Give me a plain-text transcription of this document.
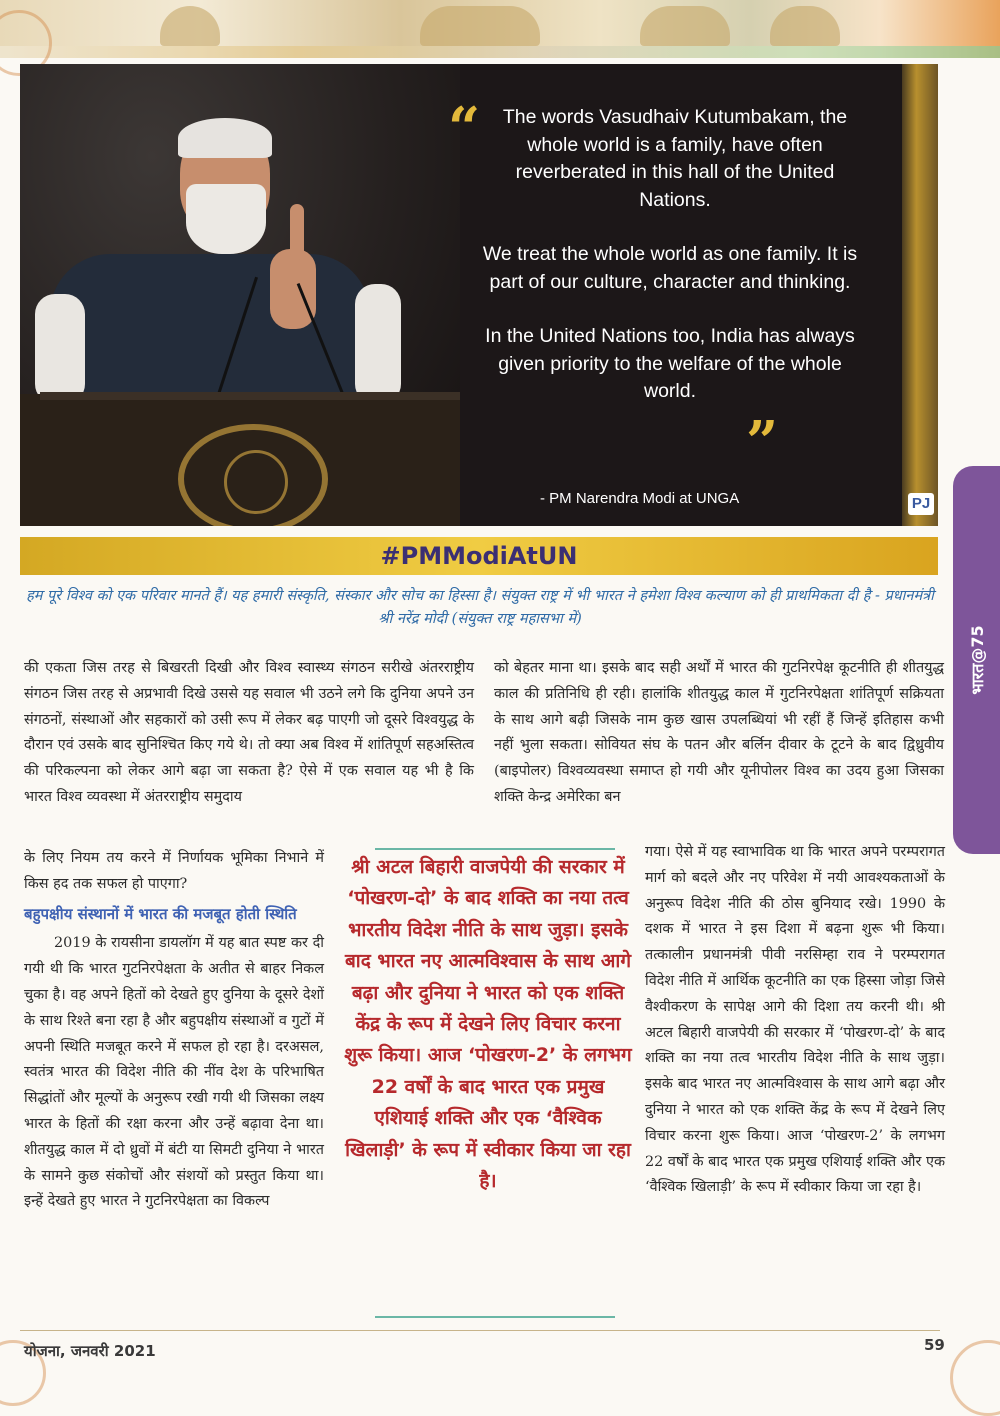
“	The words Vasudhaiv Kutumbakam, the whole world is a family, have often reverberated in this hall of the United Nations.

We treat the whole world as one family. It is part of our culture, character and thinking.

In the United Nations too, India has always given priority to the welfare of the whole world.

”
- PM Narendra Modi at UNGA	PJ
#PMModiAtUN
भारत@75
हम पूरे विश्व को एक परिवार मानते हैं। यह हमारी संस्कृति, संस्कार और सोच का हिस्सा है। संयुक्त राष्ट्र में भी भारत ने हमेशा विश्व कल्याण को ही प्राथमिकता दी है - प्रधानमंत्री श्री नरेंद्र मोदी (संयुक्त राष्ट्र महासभा में)

की एकता जिस तरह से बिखरती दिखी और विश्व स्वास्थ्य संगठन सरीखे अंतरराष्ट्रीय संगठन जिस तरह से अप्रभावी दिखे उससे यह सवाल भी उठने लगे कि दुनिया अपने उन संगठनों, संस्थाओं और सहकारों को उसी रूप में लेकर बढ़ पाएगी जो दूसरे विश्वयुद्ध के दौरान एवं उसके बाद सुनिश्चित किए गये थे। तो क्या अब विश्व में शांतिपूर्ण सहअस्तित्व की परिकल्पना को लेकर आगे बढ़ा जा सकता है? ऐसे में एक सवाल यह भी है कि भारत विश्व व्यवस्था में अंतरराष्ट्रीय समुदाय

के लिए नियम तय करने में निर्णायक भूमिका निभाने में किस हद तक सफल हो पाएगा?

बहुपक्षीय संस्थानों में भारत की मजबूत होती स्थिति

2019 के रायसीना डायलॉग में यह बात स्पष्ट कर दी गयी थी कि भारत गुटनिरपेक्षता के अतीत से बाहर निकल चुका है। वह अपने हितों को देखते हुए दुनिया के दूसरे देशों के साथ रिश्ते बना रहा है और बहुपक्षीय संस्थाओं व गुटों में अपनी स्थिति मजबूत करने में सफल हो रहा है। दरअसल, स्वतंत्र भारत की विदेश नीति की नींव देश के परिभाषित सिद्धांतों और मूल्यों के अनुरूप रखी गयी थी जिसका लक्ष्य भारत के हितों की रक्षा करना और उन्हें बढ़ावा देना था। शीतयुद्ध काल में दो ध्रुवों में बंटी या सिमटी दुनिया ने भारत के सामने कुछ संकोचों और संशयों को प्रस्तुत किया था। इन्हें देखते हुए भारत ने गुटनिरपेक्षता का विकल्प

को बेहतर माना था। इसके बाद सही अर्थों में भारत की गुटनिरपेक्ष कूटनीति ही शीतयुद्ध काल की प्रतिनिधि ही रही। हालांकि शीतयुद्ध काल में गुटनिरपेक्षता शांतिपूर्ण सक्रियता के साथ आगे बढ़ी जिसके नाम कुछ खास उपलब्धियां भी रहीं हैं जिन्हें इतिहास कभी नहीं भुला सकता। सोवियत संघ के पतन और बर्लिन दीवार के टूटने के बाद द्विध्रुवीय (बाइपोलर) विश्वव्यवस्था समाप्त हो गयी और यूनीपोलर विश्व का उदय हुआ जिसका शक्ति केन्द्र अमेरिका बन

गया। ऐसे में यह स्वाभाविक था कि भारत अपने परम्परागत मार्ग को बदले और नए परिवेश में नयी आवश्यकताओं के अनुरूप विदेश नीति की ठोस बुनियाद रखे। 1990 के दशक में भारत ने इस दिशा में बढ़ना शुरू भी किया। तत्कालीन प्रधानमंत्री पीवी नरसिम्हा राव ने परम्परागत विदेश नीति में आर्थिक कूटनीति का एक हिस्सा जोड़ा जिसे वैश्वीकरण के सापेक्ष आगे की दिशा तय करनी थी। श्री अटल बिहारी वाजपेयी की सरकार में ‘पोखरण-दो’ के बाद शक्ति का नया तत्व भारतीय विदेश नीति के साथ जुड़ा। इसके बाद भारत नए आत्मविश्वास के साथ आगे बढ़ा और दुनिया ने भारत को एक शक्ति केंद्र के रूप में देखने लिए विचार करना शुरू किया। आज ‘पोखरण-2’ के लगभग 22 वर्षों के बाद भारत एक प्रमुख एशियाई शक्ति और एक ‘वैश्विक खिलाड़ी’ के रूप में स्वीकार किया जा रहा है।

श्री अटल बिहारी वाजपेयी की सरकार में ‘पोखरण-दो’ के बाद शक्ति का नया तत्व भारतीय विदेश नीति के साथ जुड़ा। इसके बाद भारत नए आत्मविश्वास के साथ आगे बढ़ा और दुनिया ने भारत को एक शक्ति केंद्र के रूप में देखने लिए विचार करना शुरू किया। आज ‘पोखरण-2’ के लगभग 22 वर्षों के बाद भारत एक प्रमुख एशियाई शक्ति और एक ‘वैश्विक खिलाड़ी’ के रूप में स्वीकार किया जा रहा है।
योजना, जनवरी 2021	59
